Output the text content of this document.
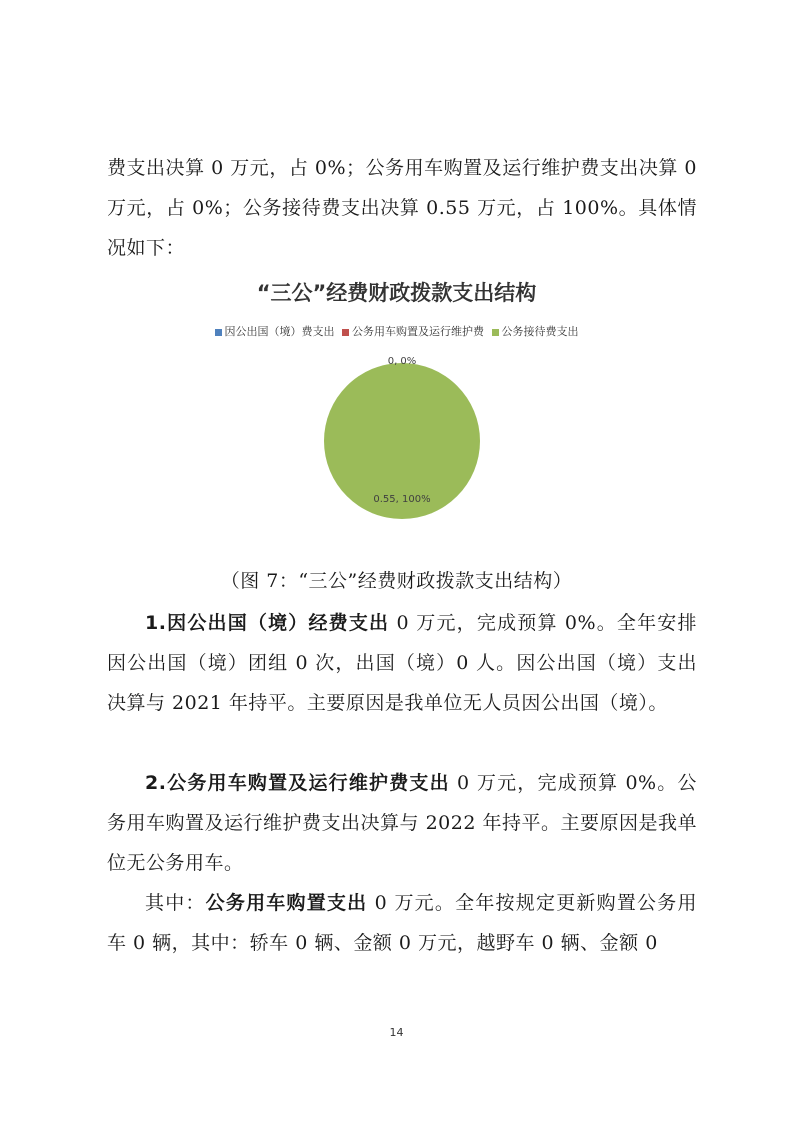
费支出决算 0 万元，占 0%；公务用车购置及运行维护费支出决算 0 万元，占 0%；公务接待费支出决算 0.55 万元，占 100%。具体情况如下：
“三公”经费财政拨款支出结构
因公出国（境）费支出 公务用车购置及运行维护费 公务接待费支出
0, 0%
0.55, 100%
（图 7：“三公”经费财政拨款支出结构）
1.因公出国（境）经费支出 0 万元，完成预算 0%。全年安排因公出国（境）团组 0 次，出国（境）0 人。因公出国（境）支出决算与 2021 年持平。主要原因是我单位无人员因公出国（境）。
2.公务用车购置及运行维护费支出 0 万元，完成预算 0%。公务用车购置及运行维护费支出决算与 2022 年持平。主要原因是我单位无公务用车。
其中：公务用车购置支出 0 万元。全年按规定更新购置公务用车 0 辆，其中：轿车 0 辆、金额 0 万元，越野车 0 辆、金额 0
14
